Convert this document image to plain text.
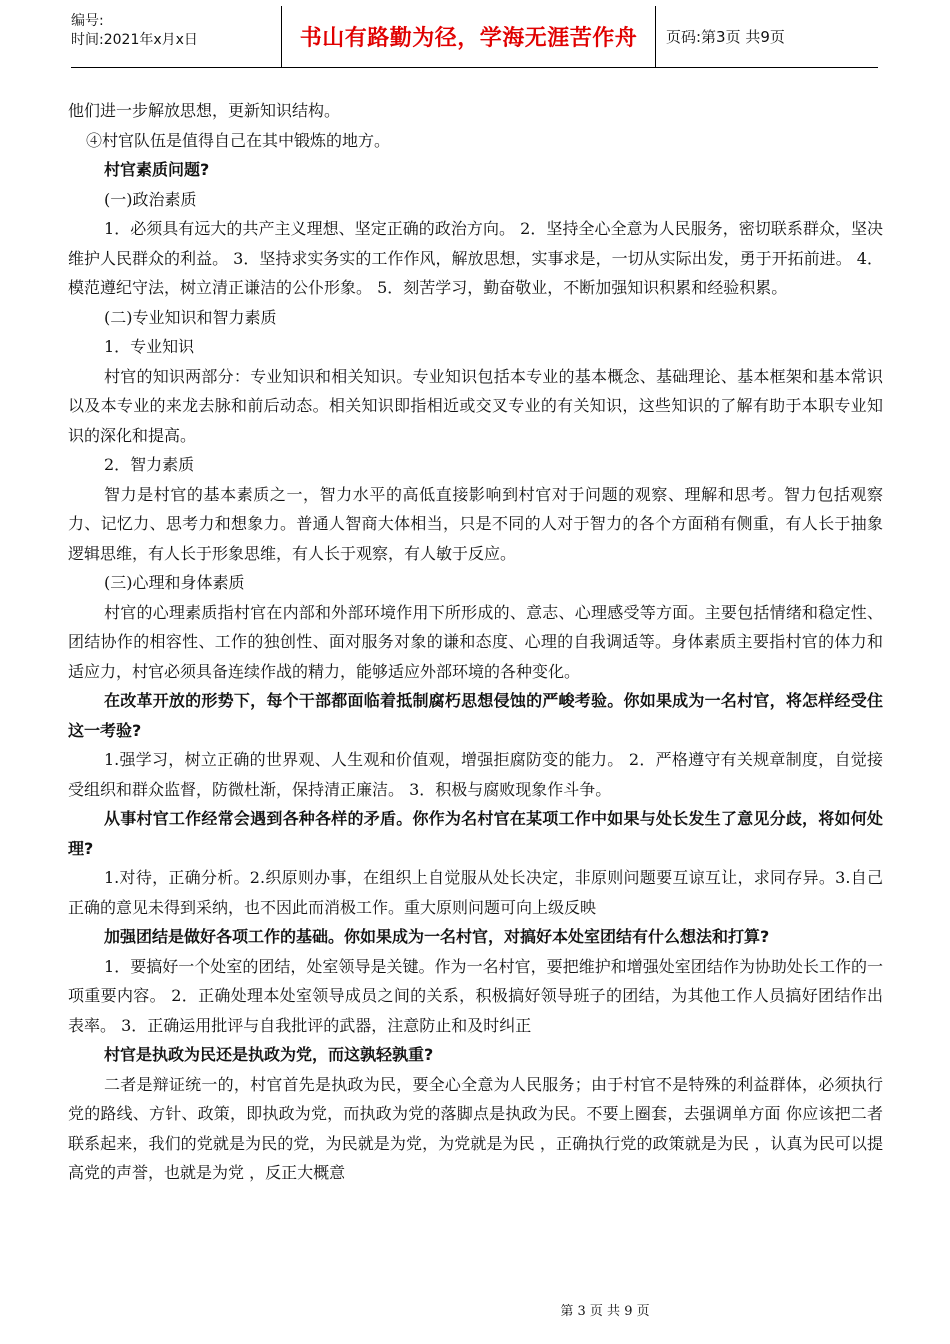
编号:
时间:2021年x月x日	书山有路勤为径，学海无涯苦作舟	页码:第3页 共9页

他们进一步解放思想，更新知识结构。

④村官队伍是值得自己在其中锻炼的地方。

村官素质问题?

(一)政治素质

1．必须具有远大的共产主义理想、坚定正确的政治方向。 2．坚持全心全意为人民服务，密切联系群众，坚决维护人民群众的利益。 3．坚持求实务实的工作作风，解放思想，实事求是，一切从实际出发，勇于开拓前进。 4．模范遵纪守法，树立清正谦洁的公仆形象。 5．刻苦学习，勤奋敬业，不断加强知识积累和经验积累。

(二)专业知识和智力素质

1．专业知识

村官的知识两部分：专业知识和相关知识。专业知识包括本专业的基本概念、基础理论、基本框架和基本常识以及本专业的来龙去脉和前后动态。相关知识即指相近或交叉专业的有关知识，这些知识的了解有助于本职专业知识的深化和提高。

2．智力素质

智力是村官的基本素质之一，智力水平的高低直接影响到村官对于问题的观察、理解和思考。智力包括观察力、记忆力、思考力和想象力。普通人智商大体相当，只是不同的人对于智力的各个方面稍有侧重，有人长于抽象逻辑思维，有人长于形象思维，有人长于观察，有人敏于反应。

(三)心理和身体素质

村官的心理素质指村官在内部和外部环境作用下所形成的、意志、心理感受等方面。主要包括情绪和稳定性、团结协作的相容性、工作的独创性、面对服务对象的谦和态度、心理的自我调适等。身体素质主要指村官的体力和适应力，村官必须具备连续作战的精力，能够适应外部环境的各种变化。

在改革开放的形势下，每个干部都面临着抵制腐朽思想侵蚀的严峻考验。你如果成为一名村官，将怎样经受住这一考验?

1.强学习，树立正确的世界观、人生观和价值观，增强拒腐防变的能力。 2．严格遵守有关规章制度，自觉接受组织和群众监督，防微杜渐，保持清正廉洁。 3．积极与腐败现象作斗争。

从事村官工作经常会遇到各种各样的矛盾。你作为名村官在某项工作中如果与处长发生了意见分歧，将如何处理?

1.对待，正确分析。2.织原则办事，在组织上自觉服从处长决定，非原则问题要互谅互让，求同存异。3.自己正确的意见未得到采纳，也不因此而消极工作。重大原则问题可向上级反映

加强团结是做好各项工作的基础。你如果成为一名村官，对搞好本处室团结有什么想法和打算?

1．要搞好一个处室的团结，处室领导是关键。作为一名村官，要把维护和增强处室团结作为协助处长工作的一项重要内容。 2．正确处理本处室领导成员之间的关系，积极搞好领导班子的团结，为其他工作人员搞好团结作出表率。 3．正确运用批评与自我批评的武器，注意防止和及时纠正

村官是执政为民还是执政为党，而这孰轻孰重?

二者是辩证统一的，村官首先是执政为民，要全心全意为人民服务；由于村官不是特殊的利益群体，必须执行党的路线、方针、政策，即执政为党，而执政为党的落脚点是执政为民。不要上圈套，去强调单方面 你应该把二者联系起来，我们的党就是为民的党，为民就是为党，为党就是为民 ，正确执行党的政策就是为民 ，认真为民可以提高党的声誉，也就是为党 ，反正大概意

第 3 页 共 9 页
